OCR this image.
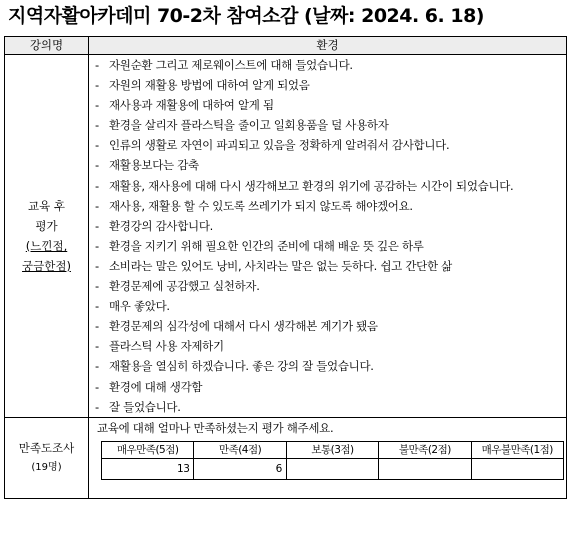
지역자활아카데미 70-2차 참여소감 (날짜: 2024. 6. 18)
강의명	환경

교육 후
평가
(느낀점,
궁금한점)

- 자원순환 그리고 제로웨이스트에 대해 들었습니다.
- 자원의 재활용 방법에 대하여 알게 되었음
- 재사용과 재활용에 대하여 알게 됨
- 환경을 살리자 플라스틱을 줄이고 일회용품을 덜 사용하자
- 인류의 생활로 자연이 파괴되고 있음을 정확하게 알려줘서 감사합니다.
- 재활용보다는 감축
- 재활용, 재사용에 대해 다시 생각해보고 환경의 위기에 공감하는 시간이 되었습니다.
- 재사용, 재활용 할 수 있도록 쓰레기가 되지 않도록 해야겠어요.
- 환경강의 감사합니다.
- 환경을 지키기 위해 필요한 인간의 준비에 대해 배운 뜻 깊은 하루
- 소비라는 말은 있어도 낭비, 사치라는 말은 없는 듯하다. 쉽고 간단한 삶
- 환경문제에 공감했고 실천하자.
- 매우 좋았다.
- 환경문제의 심각성에 대해서 다시 생각해본 계기가 됐음
- 플라스틱 사용 자제하기
- 재활용을 열심히 하겠습니다. 좋은 강의 잘 들었습니다.
- 환경에 대해 생각함
- 잘 들었습니다.

만족도조사
(19명)

교육에 대해 얼마나 만족하셨는지 평가 해주세요.
매우만족(5점)	만족(4점)	보통(3점)	불만족(2점)	매우불만족(1점)
13	6			
